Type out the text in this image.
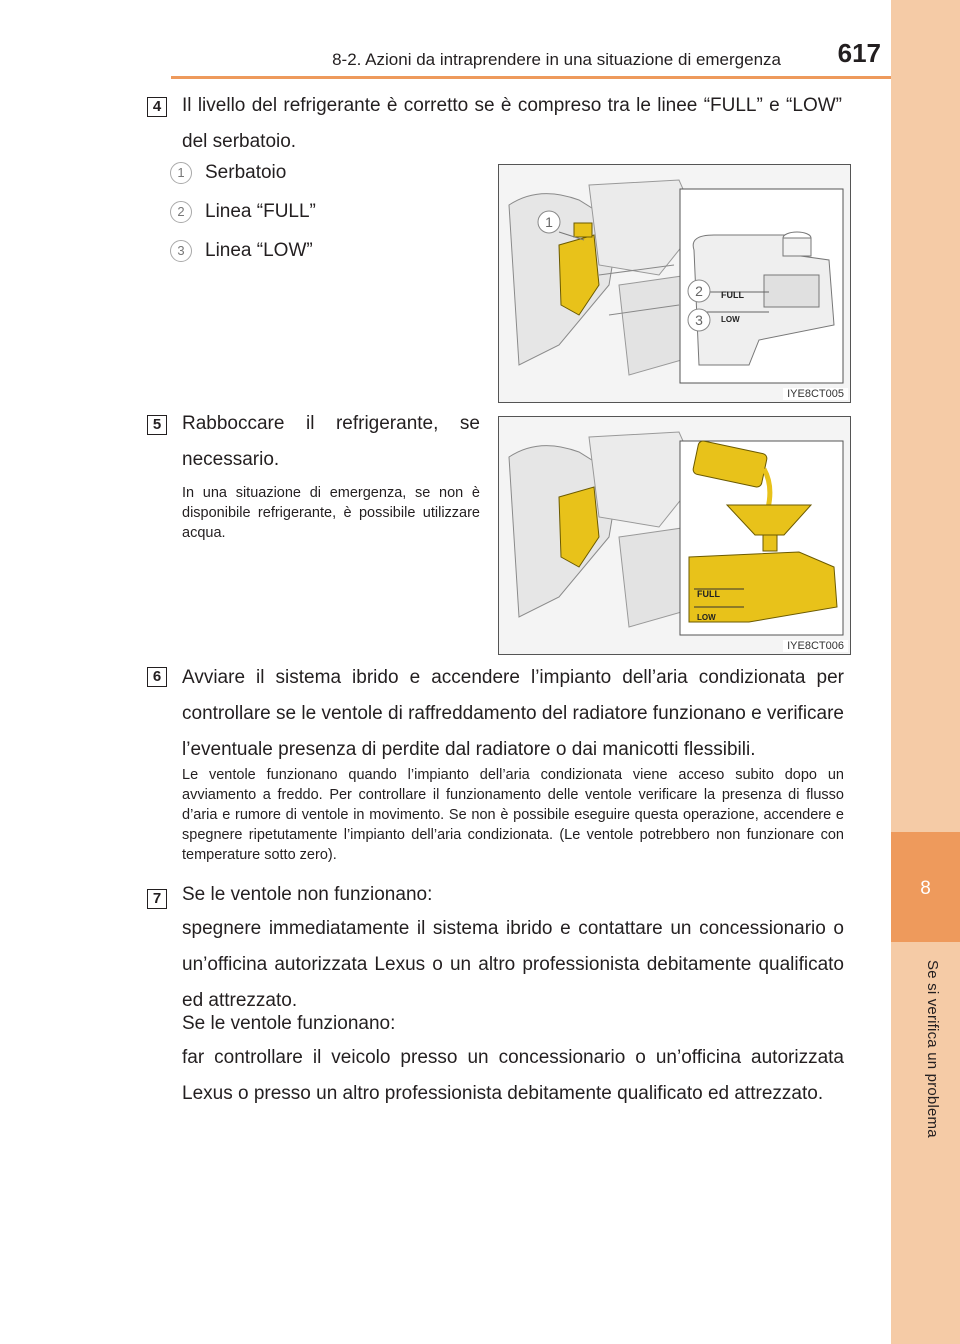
8-2. Azioni da intraprendere in una situazione di emergenza 617
8
Se si verifica un problema
4	Il livello del refrigerante è corretto se è compreso tra le linee “FULL” e “LOW” del serbatoio.
1	Serbatoio
2	Linea “FULL”
3	Linea “LOW”
FULL
LOW
1
2
3
IYE8CT005
5	Rabboccare il refrigerante, se necessario.
In una situazione di emergenza, se non è disponibile refrigerante, è possibile utilizzare acqua.
FULL
LOW
IYE8CT006
6	Avviare il sistema ibrido e accendere l’impianto dell’aria condizionata per controllare se le ventole di raffreddamento del radiatore funzionano e verificare l’eventuale presenza di perdite dal radiatore o dai manicotti flessibili.
Le ventole funzionano quando l’impianto dell’aria condizionata viene acceso subito dopo un avviamento a freddo. Per controllare il funzionamento delle ventole verificare la presenza di flusso d’aria e rumore di ventole in movimento. Se non è possibile eseguire questa operazione, accendere e spegnere ripetutamente l’impianto dell’aria condizionata. (Le ventole potrebbero non funzionare con temperature sotto zero).
7	Se le ventole non funzionano:
spegnere immediatamente il sistema ibrido e contattare un concessionario o un’officina autorizzata Lexus o un altro professionista debitamente qualificato ed attrezzato.
Se le ventole funzionano:
far controllare il veicolo presso un concessionario o un’officina autorizzata Lexus o presso un altro professionista debitamente qualificato ed attrezzato.
